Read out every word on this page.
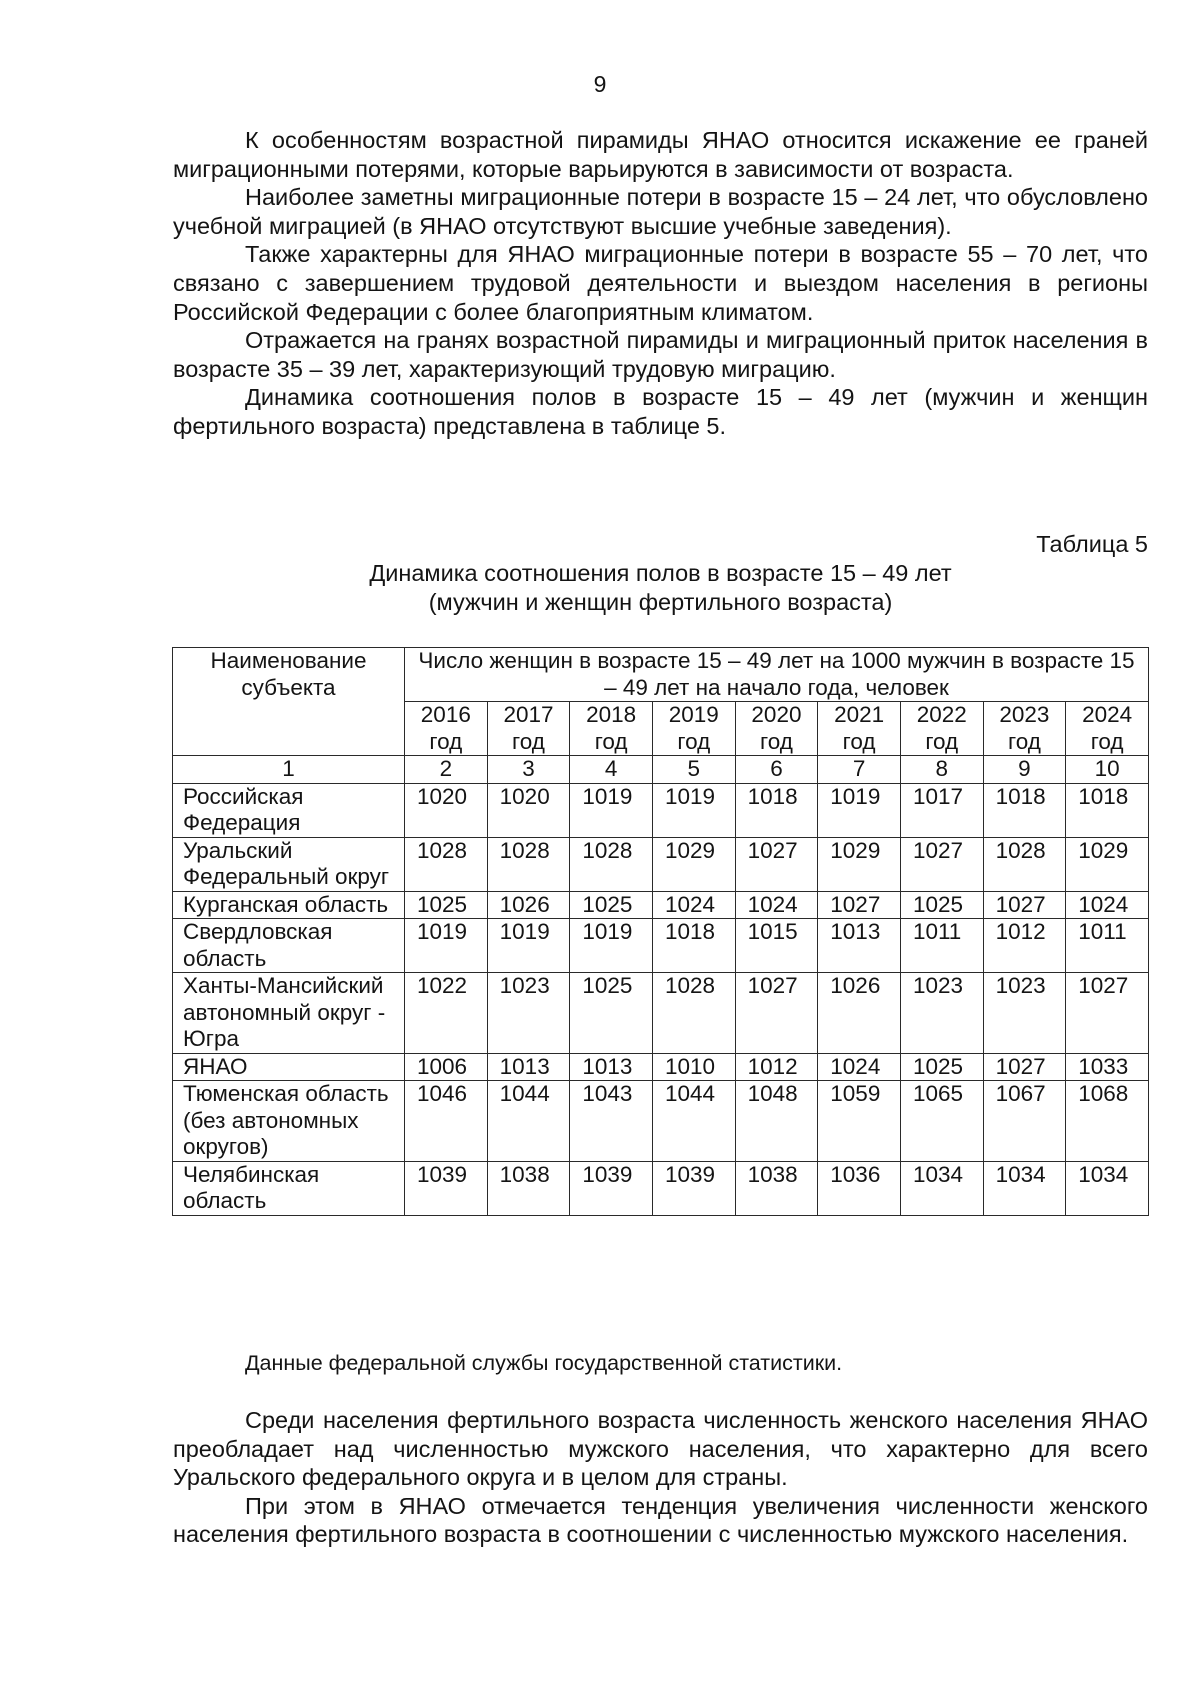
9

К особенностям возрастной пирамиды ЯНАО относится искажение ее граней миграционными потерями, которые варьируются в зависимости от возраста.

Наиболее заметны миграционные потери в возрасте 15 – 24 лет, что обусловлено учебной миграцией (в ЯНАО отсутствуют высшие учебные заведения).

Также характерны для ЯНАО миграционные потери в возрасте 55 – 70 лет, что связано с завершением трудовой деятельности и выездом населения в регионы Российской Федерации с более благоприятным климатом.

Отражается на гранях возрастной пирамиды и миграционный приток населения в возрасте 35 – 39 лет, характеризующий трудовую миграцию.

Динамика соотношения полов в возрасте 15 – 49 лет (мужчин и женщин фертильного возраста) представлена в таблице 5.

Таблица 5
Динамика соотношения полов в возрасте 15 – 49 лет
(мужчин и женщин фертильного возраста)
Наименование субъекта	Число женщин в возрасте 15 – 49 лет на 1000 мужчин в возрасте 15 – 49 лет на начало года, человек								
	2016 год	2017 год	2018 год	2019 год	2020 год	2021 год	2022 год	2023 год	2024 год
1	2	3	4	5	6	7	8	9	10
Российская Федерация	1020	1020	1019	1019	1018	1019	1017	1018	1018
Уральский Федеральный округ	1028	1028	1028	1029	1027	1029	1027	1028	1029
Курганская область	1025	1026	1025	1024	1024	1027	1025	1027	1024
Свердловская область	1019	1019	1019	1018	1015	1013	1011	1012	1011
Ханты-Мансийский автономный округ - Югра	1022	1023	1025	1028	1027	1026	1023	1023	1027
ЯНАО	1006	1013	1013	1010	1012	1024	1025	1027	1033
Тюменская область (без автономных округов)	1046	1044	1043	1044	1048	1059	1065	1067	1068
Челябинская область	1039	1038	1039	1039	1038	1036	1034	1034	1034
Данные федеральной службы государственной статистики.

Среди населения фертильного возраста численность женского населения ЯНАО преобладает над численностью мужского населения, что характерно для всего Уральского федерального округа и в целом для страны.

При этом в ЯНАО отмечается тенденция увеличения численности женского населения фертильного возраста в соотношении с численностью мужского населения.
